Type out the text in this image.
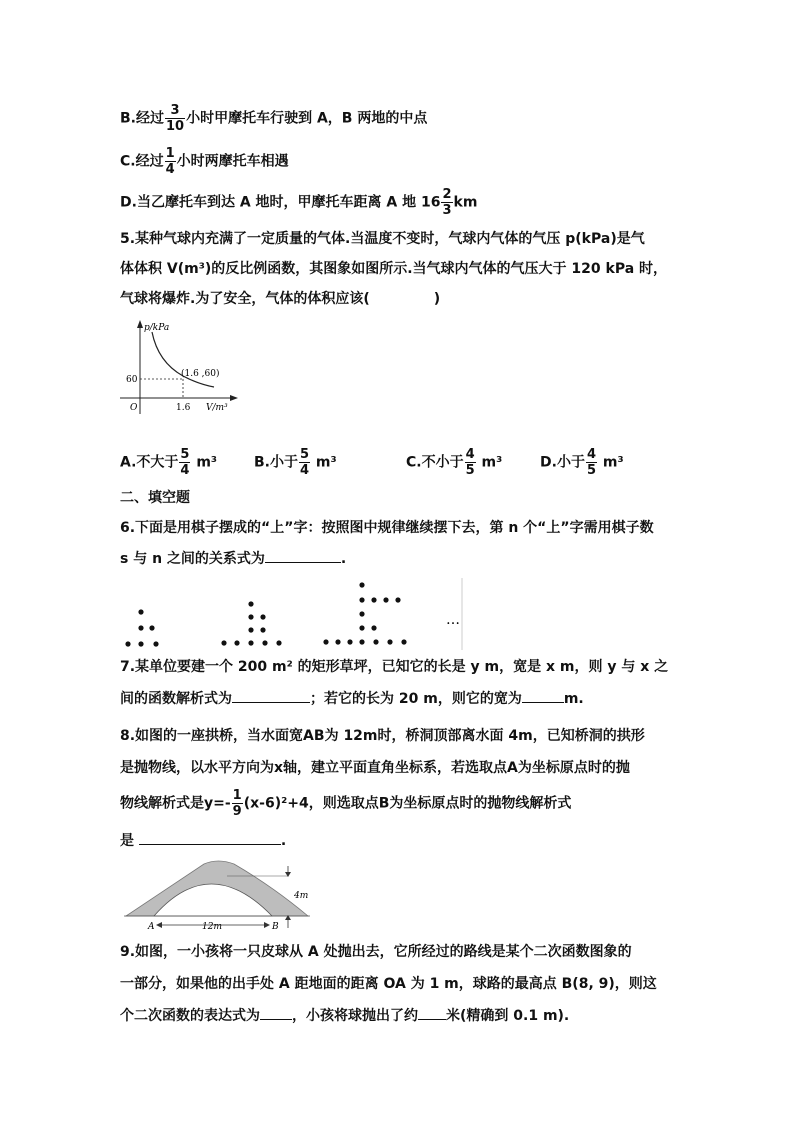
B.经过 $\frac{3}{10}$ 小时甲摩托车行驶到 A，B 两地的中点
C.经过 $\frac{1}{4}$ 小时两摩托车相遇
D.当乙摩托车到达 A 地时，甲摩托车距离 A 地 $16 \frac{2}{3}$ km
5.某种气球内充满了一定质量的气体.当温度不变时，气球内气体的气压 p(kPa)是气
体体积 V(m³)的反比例函数，其图象如图所示.当气球内气体的气压大于 120 kPa 时，
气球将爆炸.为了安全，气体的体积应该(	)
p/kPa
V/m³
O
60
1.6
(1.6 ,60)
A.不大于 $\frac{5}{4} m^3$	B.小于 $\frac{5}{4} m^3$	C.不小于 $\frac{4}{5} m^3$	D.小于 $\frac{4}{5} m^3$
二、填空题
6.下面是用棋子摆成的“上”字：按照图中规律继续摆下去，第 n 个“上”字需用棋子数
s 与 n 之间的关系式为	.
…
7.某单位要建一个 200 m² 的矩形草坪，已知它的长是 y m，宽是 x m，则 y 与 x 之
间的函数解析式为	；若它的长为 20 m，则它的宽为	m.
8.如图的一座拱桥，当水面宽AB为 12m时，桥洞顶部离水面 4m，已知桥洞的拱形
是抛物线，以水平方向为x轴，建立平面直角坐标系，若选取点A为坐标原点时的抛
物线解析式是$y=- \frac{1}{9} (x-6)^2+4$，则选取点B为坐标原点时的抛物线解析式
是	.
4m
12m
A	B
9.如图，一小孩将一只皮球从 A 处抛出去，它所经过的路线是某个二次函数图象的
一部分，如果他的出手处 A 距地面的距离 OA 为 1 m，球路的最高点 B(8, 9)，则这
个二次函数的表达式为 ，小孩将球抛出了约 米(精确到 0.1 m).
